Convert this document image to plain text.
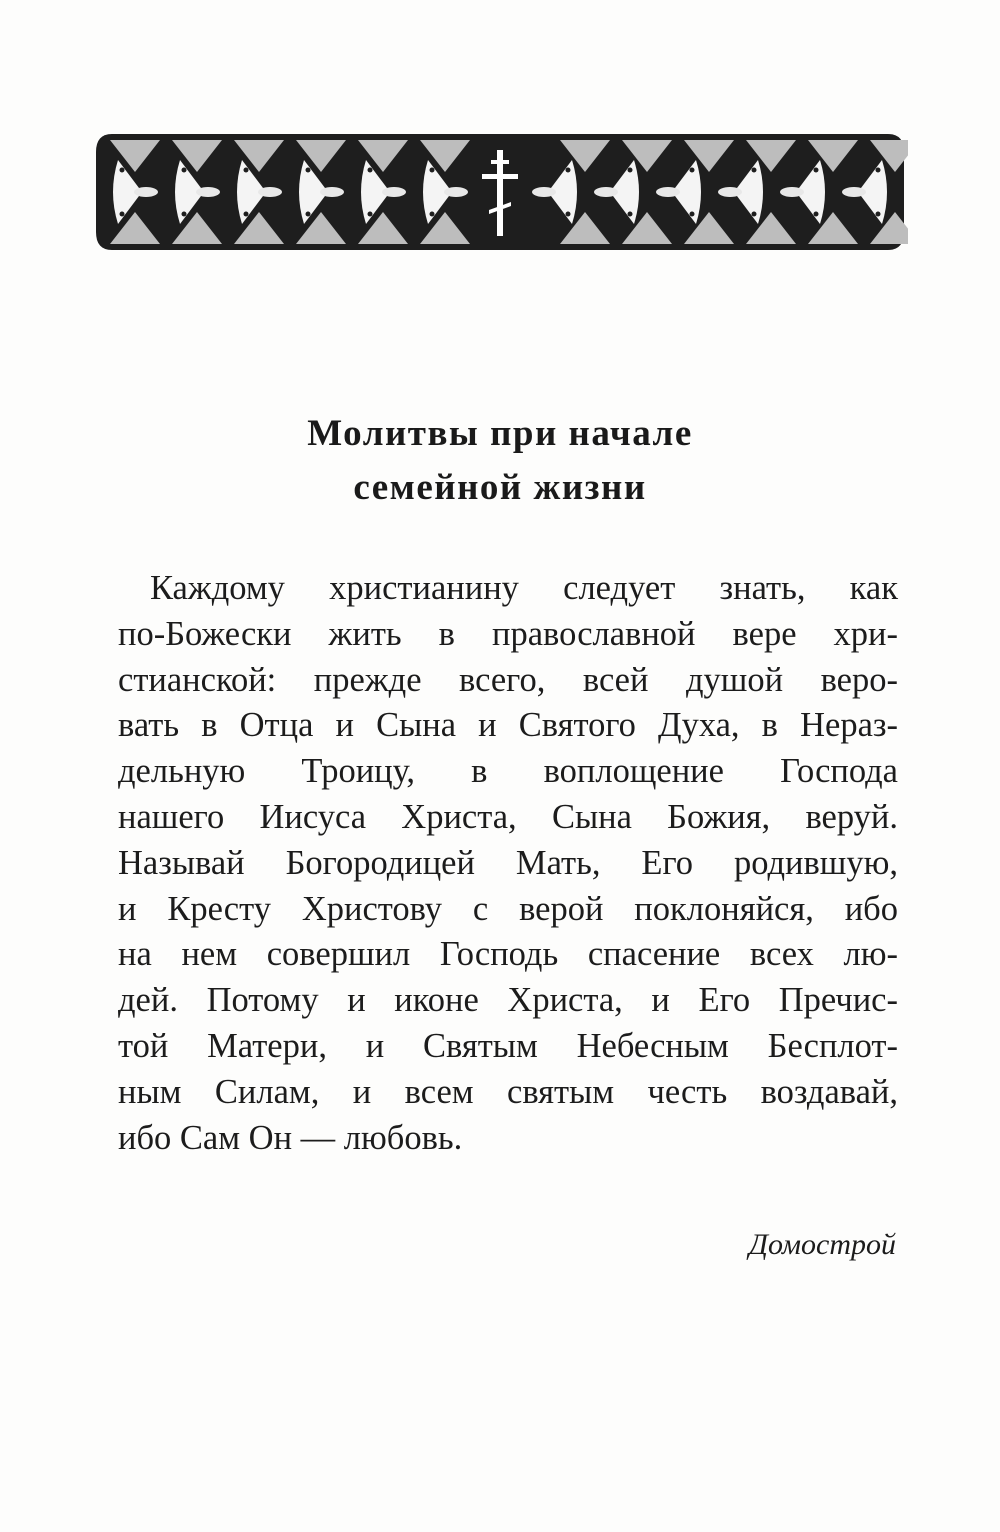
Молитвы при начале
семейной жизни
Каждому христианину следует знать, как
по-Божески жить в православной вере хри-
стианской: прежде всего, всей душой веро-
вать в Отца и Сына и Святого Духа, в Нераз-
дельную Троицу, в воплощение Господа
нашего Иисуса Христа, Сына Божия, веруй.
Называй Богородицей Мать, Его родившую,
и Кресту Христову с верой поклоняйся, ибо
на нем совершил Господь спасение всех лю-
дей. Потому и иконе Христа, и Его Пречис-
той Матери, и Святым Небесным Бесплот-
ным Силам, и всем святым честь воздавай,
ибо Сам Он — любовь.
Домострой
